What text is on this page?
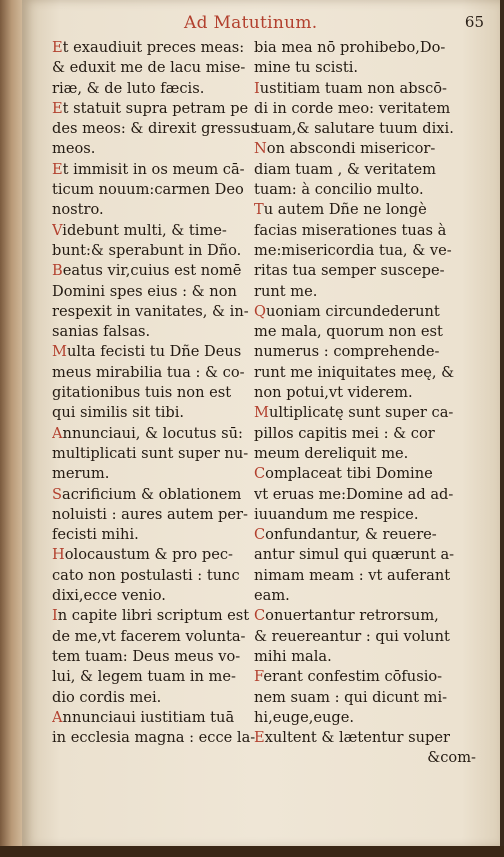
Ad Matutinum.	65
Et exaudiuit preces meas:
& eduxit me de lacu mise-
riæ, & de luto fæcis.
Et statuit supra petram pe
des meos: & direxit gressus
meos.
Et immisit in os meum cā-
ticum nouum:carmen Deo
nostro.
Videbunt multi, & time-
bunt:& sperabunt in Dño.
Beatus vir,cuius est nomē
Domini spes eius : & non
respexit in vanitates, & in-
sanias falsas.
Multa fecisti tu Dñe Deus
meus mirabilia tua : & co-
gitationibus tuis non est
qui similis sit tibi.
Annunciaui, & locutus sū:
multiplicati sunt super nu-
merum.
Sacrificium & oblationem
noluisti : aures autem per-
fecisti mihi.
Holocaustum & pro pec-
cato non postulasti : tunc
dixi,ecce venio.
In capite libri scriptum est
de me,vt facerem volunta-
tem tuam: Deus meus vo-
lui, & legem tuam in me-
dio cordis mei.
Annunciaui iustitiam tuā
in ecclesia magna : ecce la-
bia mea nō prohibebo,Do-
mine tu scisti.
Iustitiam tuam non abscō-
di in corde meo: veritatem
tuam,& salutare tuum dixi.
Non abscondi misericor-
diam tuam , & veritatem
tuam: à concilio multo.
Tu autem Dñe ne longè
facias miserationes tuas à
me:misericordia tua, & ve-
ritas tua semper suscepe-
runt me.
Quoniam circundederunt
me mala, quorum non est
numerus : comprehende-
runt me iniquitates meę, &
non potui,vt viderem.
Multiplicatę sunt super ca-
pillos capitis mei : & cor
meum dereliquit me.
Complaceat tibi Domine
vt eruas me:Domine ad ad-
iuuandum me respice.
Confundantur, & reuere-
antur simul qui quærunt a-
nimam meam : vt auferant
eam.
Conuertantur retrorsum,
& reuereantur : qui volunt
mihi mala.
Ferant confestim cōfusio-
nem suam : qui dicunt mi-
hi,euge,euge.
Exultent & lætentur super
&com-
